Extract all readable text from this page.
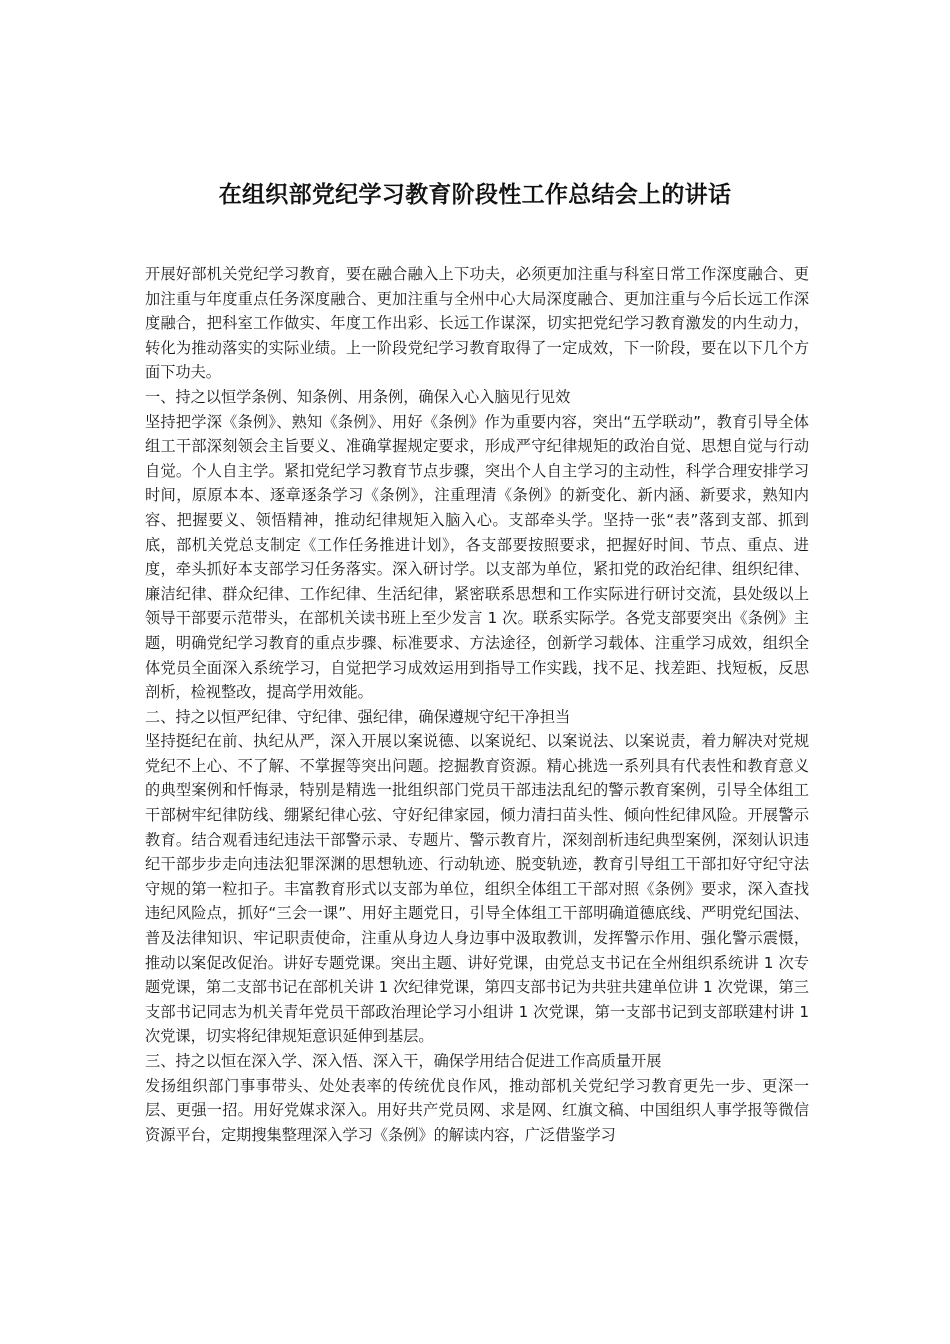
在组织部党纪学习教育阶段性工作总结会上的讲话

开展好部机关党纪学习教育，要在融合融入上下功夫，必须更加注重与科室日常工作深度融合、更加注重与年度重点任务深度融合、更加注重与全州中心大局深度融合、更加注重与今后长远工作深度融合，把科室工作做实、年度工作出彩、长远工作谋深，切实把党纪学习教育激发的内生动力，转化为推动落实的实际业绩。上一阶段党纪学习教育取得了一定成效，下一阶段，要在以下几个方面下功夫。

一、持之以恒学条例、知条例、用条例，确保入心入脑见行见效

坚持把学深《条例》、熟知《条例》、用好《条例》作为重要内容，突出“五学联动”，教育引导全体组工干部深刻领会主旨要义、准确掌握规定要求，形成严守纪律规矩的政治自觉、思想自觉与行动自觉。个人自主学。紧扣党纪学习教育节点步骤，突出个人自主学习的主动性，科学合理安排学习时间，原原本本、逐章逐条学习《条例》，注重理清《条例》的新变化、新内涵、新要求，熟知内容、把握要义、领悟精神，推动纪律规矩入脑入心。支部牵头学。坚持一张“表”落到支部、抓到底，部机关党总支制定《工作任务推进计划》，各支部要按照要求，把握好时间、节点、重点、进度，牵头抓好本支部学习任务落实。深入研讨学。以支部为单位，紧扣党的政治纪律、组织纪律、廉洁纪律、群众纪律、工作纪律、生活纪律，紧密联系思想和工作实际进行研讨交流，县处级以上领导干部要示范带头，在部机关读书班上至少发言 1 次。联系实际学。各党支部要突出《条例》主题，明确党纪学习教育的重点步骤、标准要求、方法途径，创新学习载体、注重学习成效，组织全体党员全面深入系统学习，自觉把学习成效运用到指导工作实践，找不足、找差距、找短板，反思剖析，检视整改，提高学用效能。

二、持之以恒严纪律、守纪律、强纪律，确保遵规守纪干净担当

坚持挺纪在前、执纪从严，深入开展以案说德、以案说纪、以案说法、以案说责，着力解决对党规党纪不上心、不了解、不掌握等突出问题。挖掘教育资源。精心挑选一系列具有代表性和教育意义的典型案例和忏悔录，特别是精选一批组织部门党员干部违法乱纪的警示教育案例，引导全体组工干部树牢纪律防线、绷紧纪律心弦、守好纪律家园，倾力清扫苗头性、倾向性纪律风险。开展警示教育。结合观看违纪违法干部警示录、专题片、警示教育片，深刻剖析违纪典型案例，深刻认识违纪干部步步走向违法犯罪深渊的思想轨迹、行动轨迹、脱变轨迹，教育引导组工干部扣好守纪守法守规的第一粒扣子。丰富教育形式以支部为单位，组织全体组工干部对照《条例》要求，深入查找违纪风险点，抓好“三会一课”、用好主题党日，引导全体组工干部明确道德底线、严明党纪国法、普及法律知识、牢记职责使命，注重从身边人身边事中汲取教训，发挥警示作用、强化警示震慑，推动以案促改促治。讲好专题党课。突出主题、讲好党课，由党总支书记在全州组织系统讲 1 次专题党课，第二支部书记在部机关讲 1 次纪律党课，第四支部书记为共驻共建单位讲 1 次党课，第三支部书记同志为机关青年党员干部政治理论学习小组讲 1 次党课，第一支部书记到支部联建村讲 1 次党课，切实将纪律规矩意识延伸到基层。

三、持之以恒在深入学、深入悟、深入干，确保学用结合促进工作高质量开展

发扬组织部门事事带头、处处表率的传统优良作风，推动部机关党纪学习教育更先一步、更深一层、更强一招。用好党媒求深入。用好共产党员网、求是网、红旗文稿、中国组织人事学报等微信资源平台，定期搜集整理深入学习《条例》的解读内容，广泛借鉴学习
